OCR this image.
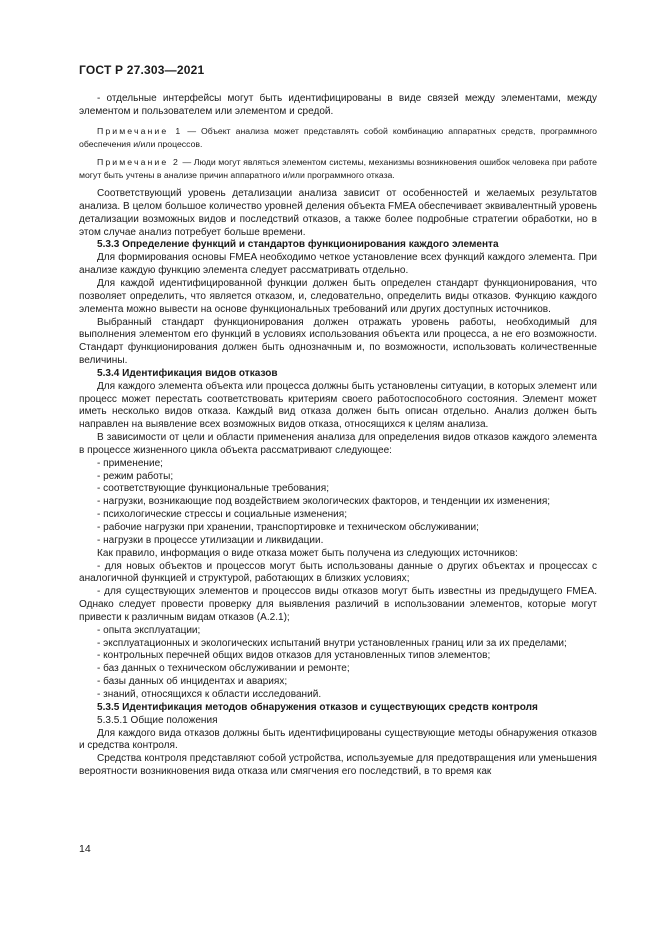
ГОСТ Р 27.303—2021

- отдельные интерфейсы могут быть идентифицированы в виде связей между элементами, между элементом и пользователем или элементом и средой.

Примечание 1 — Объект анализа может представлять собой комбинацию аппаратных средств, программного обеспечения и/или процессов.

Примечание 2 — Люди могут являться элементом системы, механизмы возникновения ошибок человека при работе могут быть учтены в анализе причин аппаратного и/или программного отказа.

Соответствующий уровень детализации анализа зависит от особенностей и желаемых результатов анализа. В целом большое количество уровней деления объекта FMEA обеспечивает эквивалентный уровень детализации возможных видов и последствий отказов, а также более подробные стратегии обработки, но в этом случае анализ потребует больше времени.

5.3.3 Определение функций и стандартов функционирования каждого элемента

Для формирования основы FMEA необходимо четкое установление всех функций каждого элемента. При анализе каждую функцию элемента следует рассматривать отдельно.

Для каждой идентифицированной функции должен быть определен стандарт функционирования, что позволяет определить, что является отказом, и, следовательно, определить виды отказов. Функцию каждого элемента можно вывести на основе функциональных требований или других доступных источников.

Выбранный стандарт функционирования должен отражать уровень работы, необходимый для выполнения элементом его функций в условиях использования объекта или процесса, а не его возможности. Стандарт функционирования должен быть однозначным и, по возможности, использовать количественные величины.

5.3.4 Идентификация видов отказов

Для каждого элемента объекта или процесса должны быть установлены ситуации, в которых элемент или процесс может перестать соответствовать критериям своего работоспособного состояния. Элемент может иметь несколько видов отказа. Каждый вид отказа должен быть описан отдельно. Анализ должен быть направлен на выявление всех возможных видов отказа, относящихся к целям анализа.

В зависимости от цели и области применения анализа для определения видов отказов каждого элемента в процессе жизненного цикла объекта рассматривают следующее:

- применение;

- режим работы;

- соответствующие функциональные требования;

- нагрузки, возникающие под воздействием экологических факторов, и тенденции их изменения;

- психологические стрессы и социальные изменения;

- рабочие нагрузки при хранении, транспортировке и техническом обслуживании;

- нагрузки в процессе утилизации и ликвидации.

Как правило, информация о виде отказа может быть получена из следующих источников:

- для новых объектов и процессов могут быть использованы данные о других объектах и процессах с аналогичной функцией и структурой, работающих в близких условиях;

- для существующих элементов и процессов виды отказов могут быть известны из предыдущего FMEA. Однако следует провести проверку для выявления различий в использовании элементов, которые могут привести к различным видам отказов (А.2.1);

- опыта эксплуатации;

- эксплуатационных и экологических испытаний внутри установленных границ или за их пределами;

- контрольных перечней общих видов отказов для установленных типов элементов;

- баз данных о техническом обслуживании и ремонте;

- базы данных об инцидентах и авариях;

- знаний, относящихся к области исследований.

5.3.5 Идентификация методов обнаружения отказов и существующих средств контроля

5.3.5.1 Общие положения

Для каждого вида отказов должны быть идентифицированы существующие методы обнаружения отказов и средства контроля.

Средства контроля представляют собой устройства, используемые для предотвращения или уменьшения вероятности возникновения вида отказа или смягчения его последствий, в то время как

14
